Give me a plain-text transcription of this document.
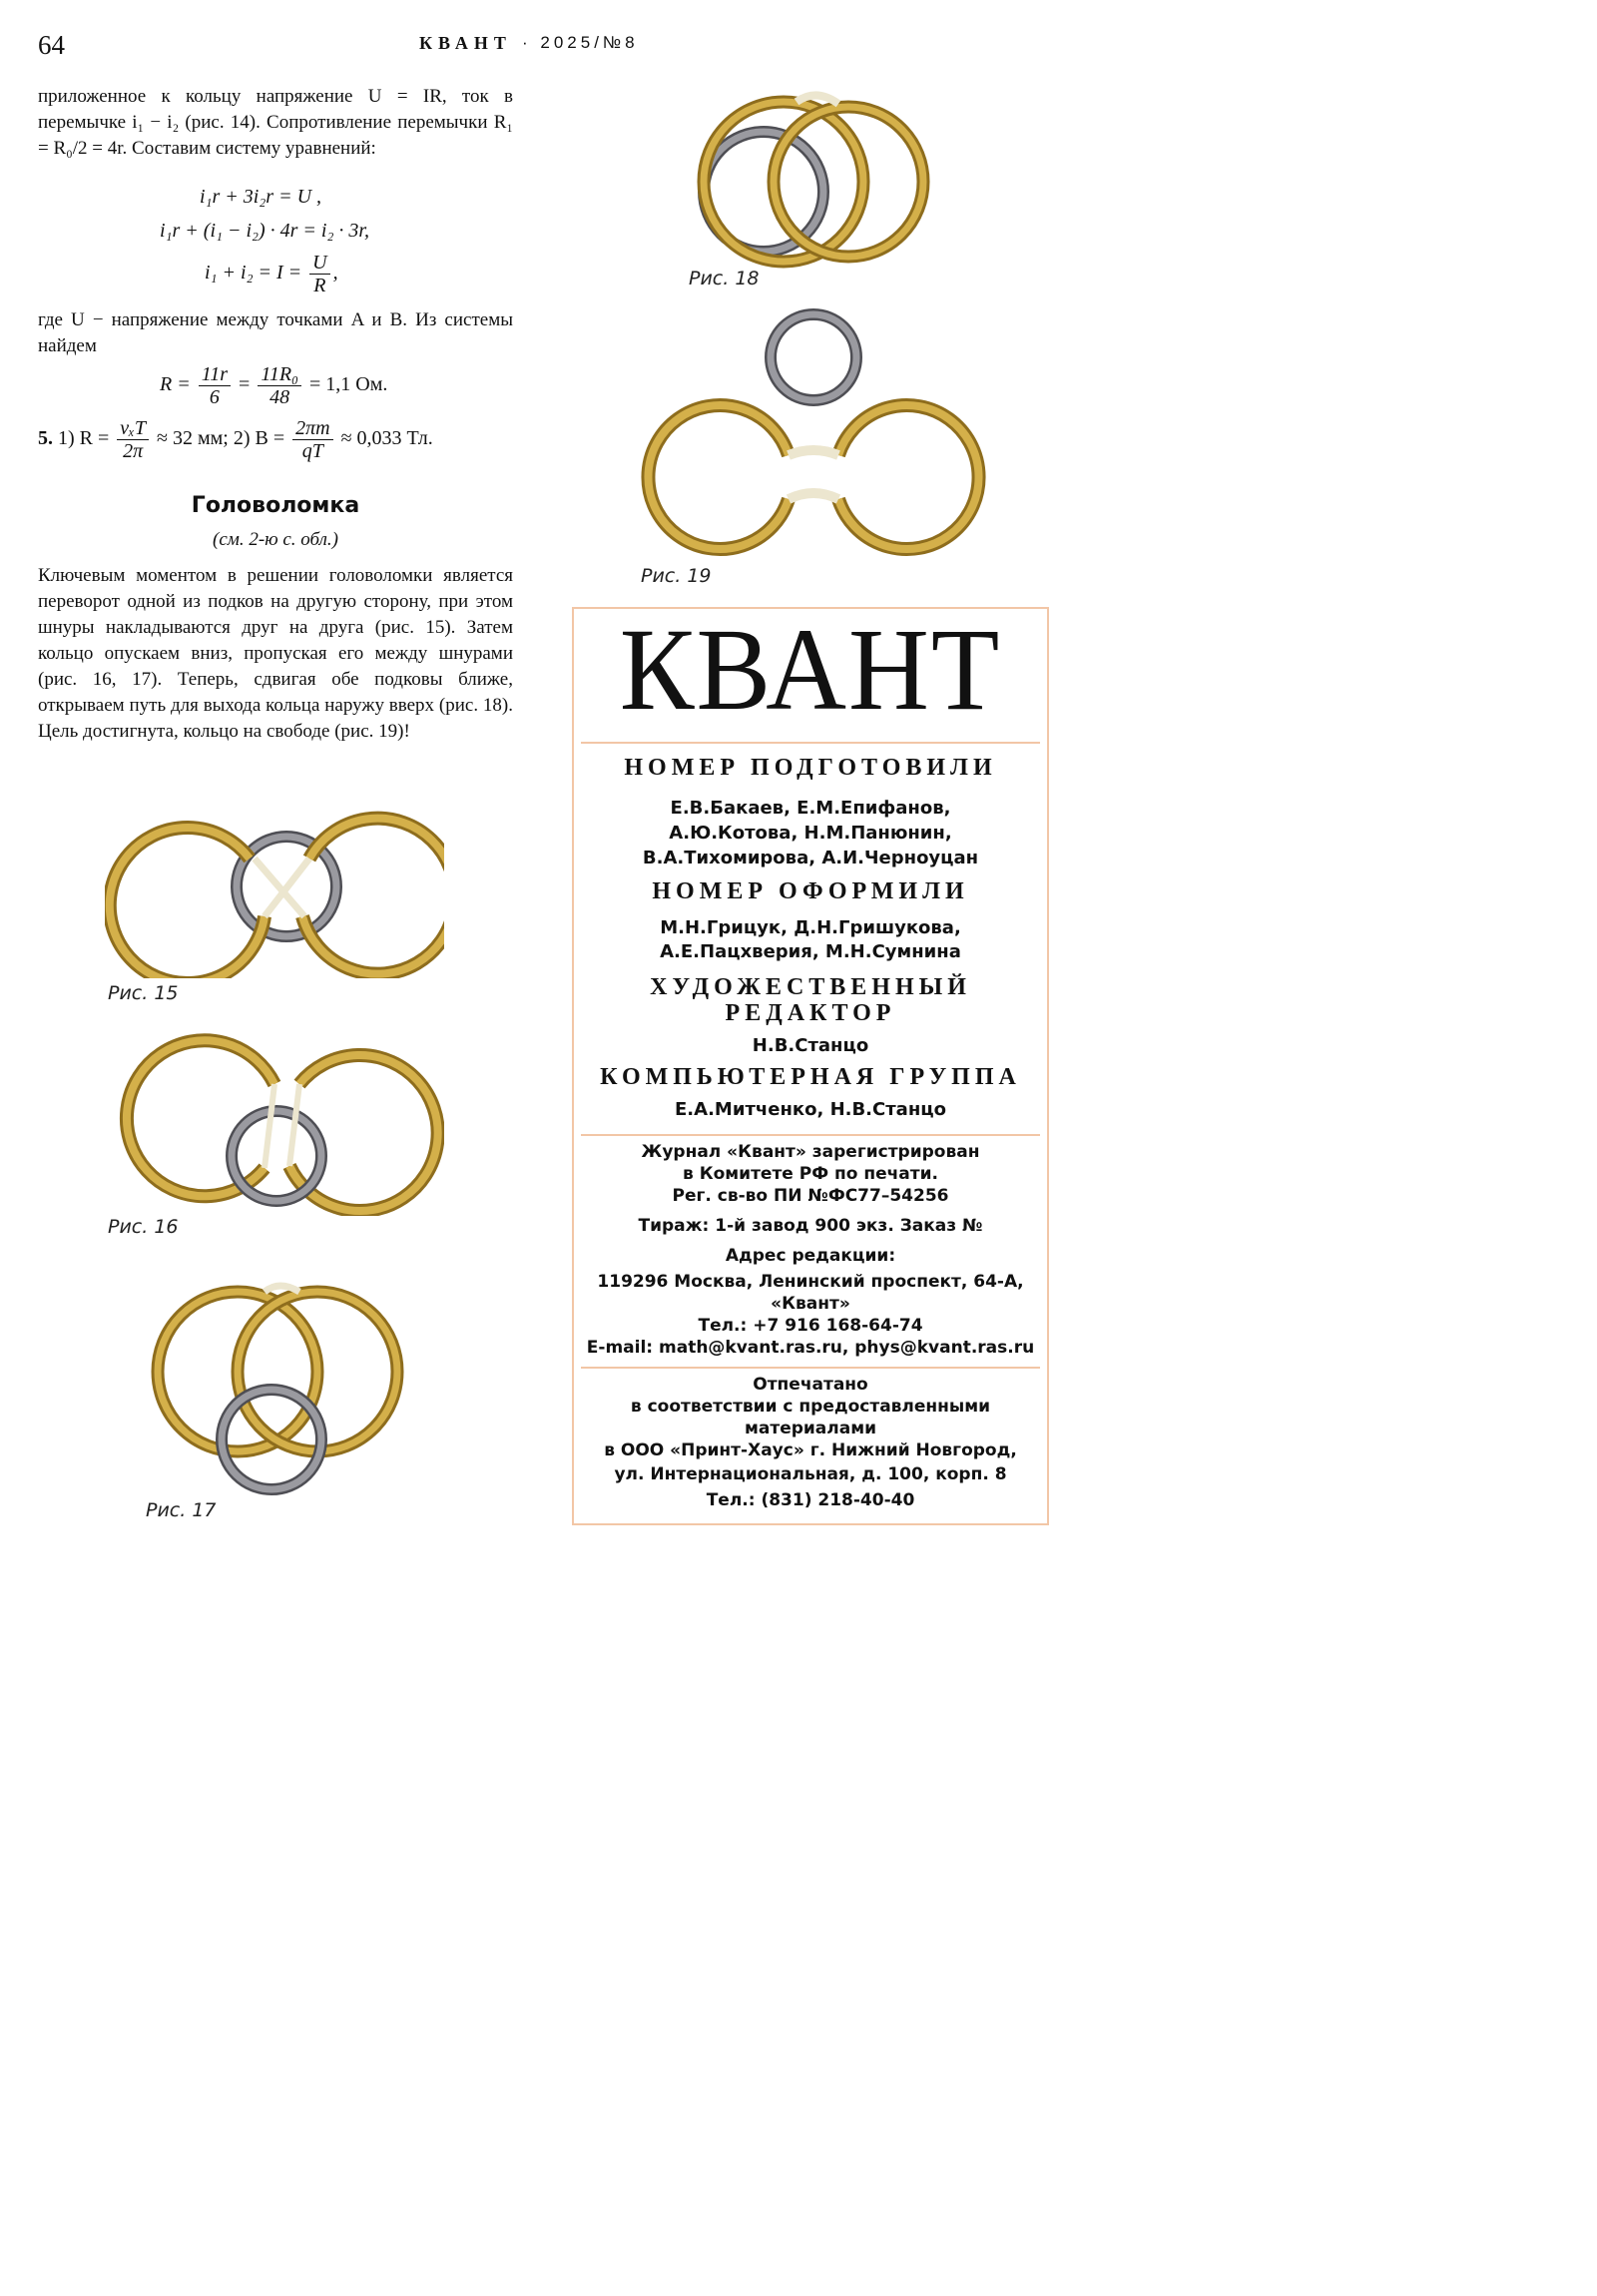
64	КВАНТ · 2025/№8

приложенное к кольцу напряжение U = IR, ток в перемычке i₁ − i₂ (рис. 14). Сопротивление перемычки R₁ = R₀/2 = 4r. Составим систему уравнений:

i₁r + 3i₂r = U ,
i₁r + (i₁ − i₂) · 4r = i₂ · 3r,
$i_1 + i_2 = I = \frac{U}{R}$ ,

где U − напряжение между точками A и B. Из системы найдем

$R = \frac{11r}{6} = \frac{\text{11R₀}}{48} = 1,1$ Ом.
5. 1) $R = \frac{\text{vₓT}}{2\pi} \approx 32$ мм; 2) $B = \frac{2\pi m}{qT} \approx 0,033$ Тл.
Головоломка
(см. 2-ю с. обл.)

Ключевым моментом в решении головоломки является переворот одной из подков на другую сторону, при этом шнуры накладываются друг на друга (рис. 15). Затем кольцо опускаем вниз, пропуская его между шнурами (рис. 16, 17). Теперь, сдвигая обе подковы ближе, открываем путь для выхода кольца наружу вверх (рис. 18). Цель достигнута, кольцо на свободе (рис. 19)!

Рис. 15
Рис. 16
Рис. 17
Рис. 18
Рис. 19
КВАНТ
НОМЕР ПОДГОТОВИЛИ
Е.В.Бакаев, Е.М.Епифанов,
А.Ю.Котова, Н.М.Панюнин,
В.А.Тихомирова, А.И.Черноуцан
НОМЕР ОФОРМИЛИ
М.Н.Грицук, Д.Н.Гришукова,
А.Е.Пацхверия, М.Н.Сумнина
ХУДОЖЕСТВЕННЫЙ
РЕДАКТОР
Н.В.Станцо
КОМПЬЮТЕРНАЯ ГРУППА
Е.А.Митченко, Н.В.Станцо
Журнал «Квант» зарегистрирован
в Комитете РФ по печати.
Рег. св-во ПИ №ФС77–54256
Тираж: 1-й завод 900 экз. Заказ №
Адрес редакции:
119296 Москва, Ленинский проспект, 64-А,
«Квант»
Тел.: +7 916 168-64-74
E-mail: math@kvant.ras.ru, phys@kvant.ras.ru
Отпечатано
в соответствии с предоставленными
материалами
в ООО «Принт-Хаус» г. Нижний Новгород,
ул. Интернациональная, д. 100, корп. 8
Тел.: (831) 218-40-40
